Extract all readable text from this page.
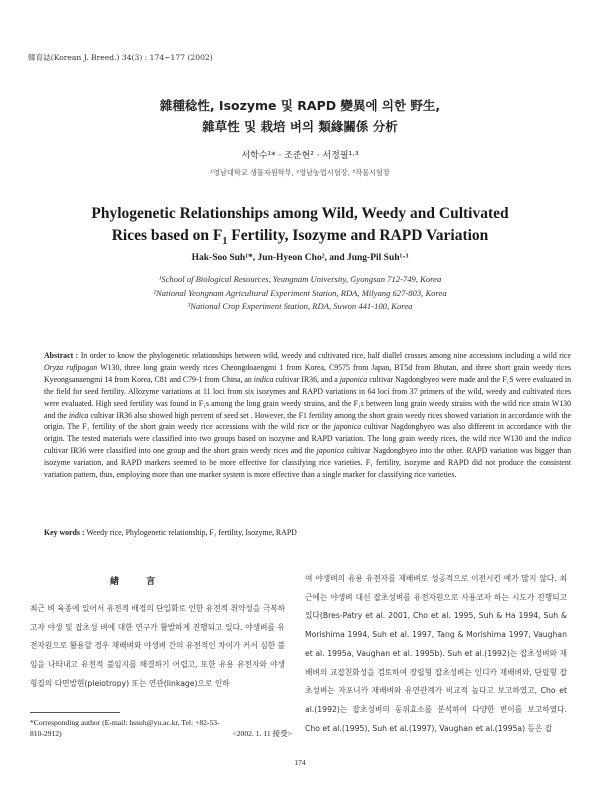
韓育誌(Korean J. Breed.) 34(3) : 174~177 (2002)
雜種稔性, Isozyme 및 RAPD 變異에 의한 野生,
雜草性 및 栽培 벼의 類緣關係 分析
서학수¹* · 조준현² · 서정필¹·³
¹영남대학교 생물자원학부, ²영남농업시험장, ³작물시험장
Phylogenetic Relationships among Wild, Weedy and Cultivated
Rices based on $F_1$ Fertility, Isozyme and RAPD Variation
Hak-Soo Suh¹*, Jun-Hyeon Cho², and Jung-Pil Suh¹·³
¹School of Biological Resources, Yeungnam University, Gyongsan 712-749, Korea
²National Yeongnam Agricultural Experiment Station, RDA, Milyang 627-803, Korea
³National Crop Experiment Station, RDA, Suwon 441-100, Korea
Abstract : In order to know the phylogenetic relationships between wild, weedy and cultivated rice, half diallel crosses among nine accessions including a wild rice Oryza rufipogon W130, three long grain weedy rices Cheongdoaengmi 1 from Korea, C9575 from Japan, BT5d from Bhutan, and three short grain weedy rices Kyeongsanaengmi 14 from Korea, C81 and C79-1 from China, an indica cultivar IR36, and a japonica cultivar Nagdongbyeo were made and the F₁S were evaluated in the field for seed fertility. Allozyme variations at 11 loci from six isozymes and RAPD variations in 64 loci from 37 primers of the wild, weedy and cultivated rices were evaluated. High seed fertility was found in F₁s among the long grain weedy strains, and the F₁s between long grain weedy strains with the wild rice strain W130 and the indica cultivar IR36 also showed high percent of seed set . However, the F1 fertility among the short grain weedy rices showed variation in accordance with the origin. The F₁ fertility of the short grain weedy rice accessions with the wild rice or the japonica cultivar Nagdongbyeo was also different in accordance with the origin. The tested materials were classified into two groups based on isozyme and RAPD variation. The long grain weedy rices, the wild rice W130 and the indica cultivar IR36 were classified into one group and the short grain weedy rices and the japonica cultivar Nagdongbyeo into the other. RAPD variation was bigger than isozyme variation, and RAPD markers seemed to be more effective for classifying rice varieties. F₁ fertility, isozyme and RAPD did not produce the consistent variation pattern, thus, employing more than one marker system is more effective than a single marker for classifying rice varieties.
Key words : Weedy rice, Phylogenetic relationship, F₁ fertility, Isozyme, RAPD
緖 言
최근 벼 육종에 있어서 유전적 배경의 단일화로 인한 유전적 취약성을 극복하고자 야생 및 잡초성 벼에 대한 연구가 활발하게 진행되고 있다. 야생벼를 유전자원으로 활용할 경우 재배벼와 야생벼 간의 유전적인 차이가 커서 심한 불임을 나타내고 유전적 불임지를 해결하기 어렵고, 또한 유용 유전자와 야생 형질의 다면발현(pleiotropy) 또는 연관(linkage)으로 인하
여 야생벼의 유용 유전자를 재배벼로 성공적으로 이전시킨 예가 많지 않다. 최근에는 야생벼 대신 잡초성벼를 유전자원으로 사용코자 하는 시도가 진행되고 있다(Bres-Patry et al. 2001, Cho et al. 1995, Suh & Ha 1994, Suh & Morishima 1994, Suh et al. 1997, Tang & Morishima 1997, Vaughan et al. 1995a, Vaughan et al. 1995b). Suh et al.(1992)는 잡초성벼와 재배벼의 교잡친화성을 검토하여 장립형 잡초성벼는 인디카 재배벼와, 단립형 잡초성벼는 자포니카 재배벼와 유연관계가 비교적 높다고 보고하였고, Cho et al.(1992)는 잡초성벼의 동위효소를 분석하여 다양한 변이를 보고하였다. Cho et al.(1995), Suh et al.(1997), Vaughan et al.(1995a) 등은 잡
*Corresponding author (E-mail: hssuh@yu.ac.kr, Tel: +82-53-
810-2912)	<2002. 1. 11 接受>
174
